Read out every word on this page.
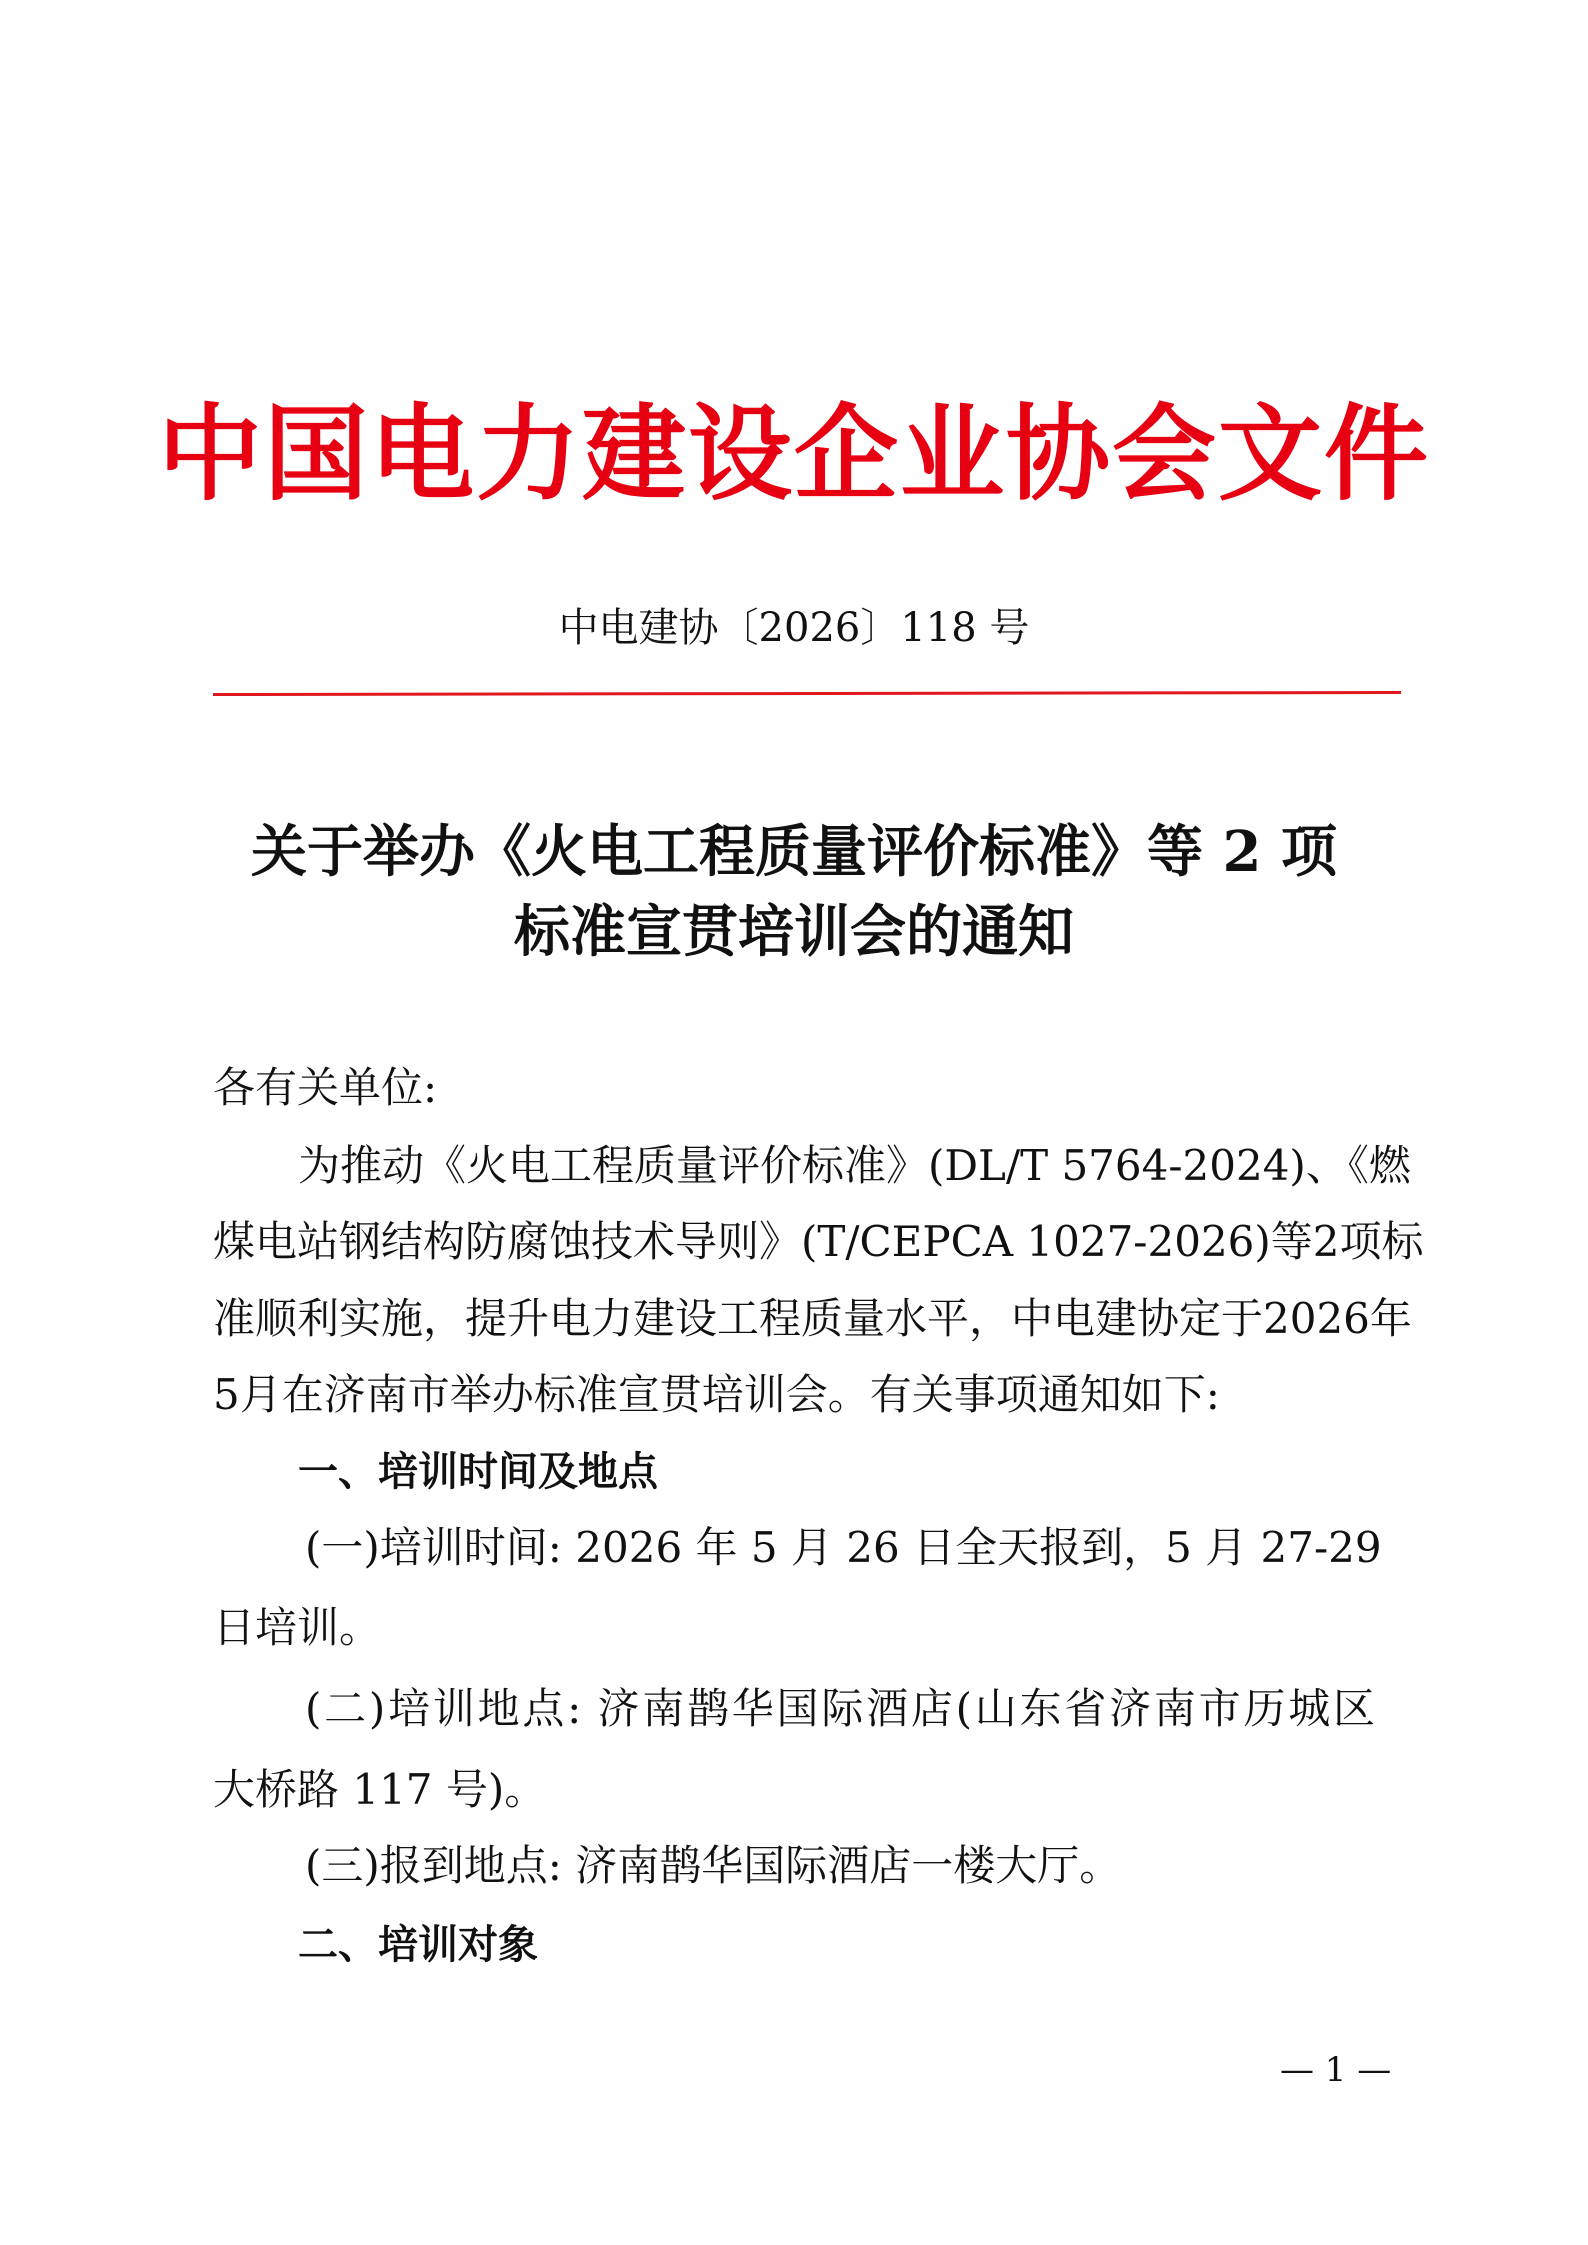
中国电力建设企业协会文件
中电建协〔2026〕118 号
关于举办《火电工程质量评价标准》等 2 项
标准宣贯培训会的通知
各有关单位:
为推动《火电工程质量评价标准》(DL/T 5764-2024)、《燃
煤电站钢结构防腐蚀技术导则》(T/CEPCA 1027-2026)等2项标
准顺利实施，提升电力建设工程质量水平，中电建协定于2026年
5月在济南市举办标准宣贯培训会。有关事项通知如下:
一、培训时间及地点
(一)培训时间: 2026 年 5 月 26 日全天报到，5 月 27-29
日培训。
(二)培训地点: 济南鹊华国际酒店(山东省济南市历城区
大桥路 117 号)。
(三)报到地点: 济南鹊华国际酒店一楼大厅。
二、培训对象
— 1 —
